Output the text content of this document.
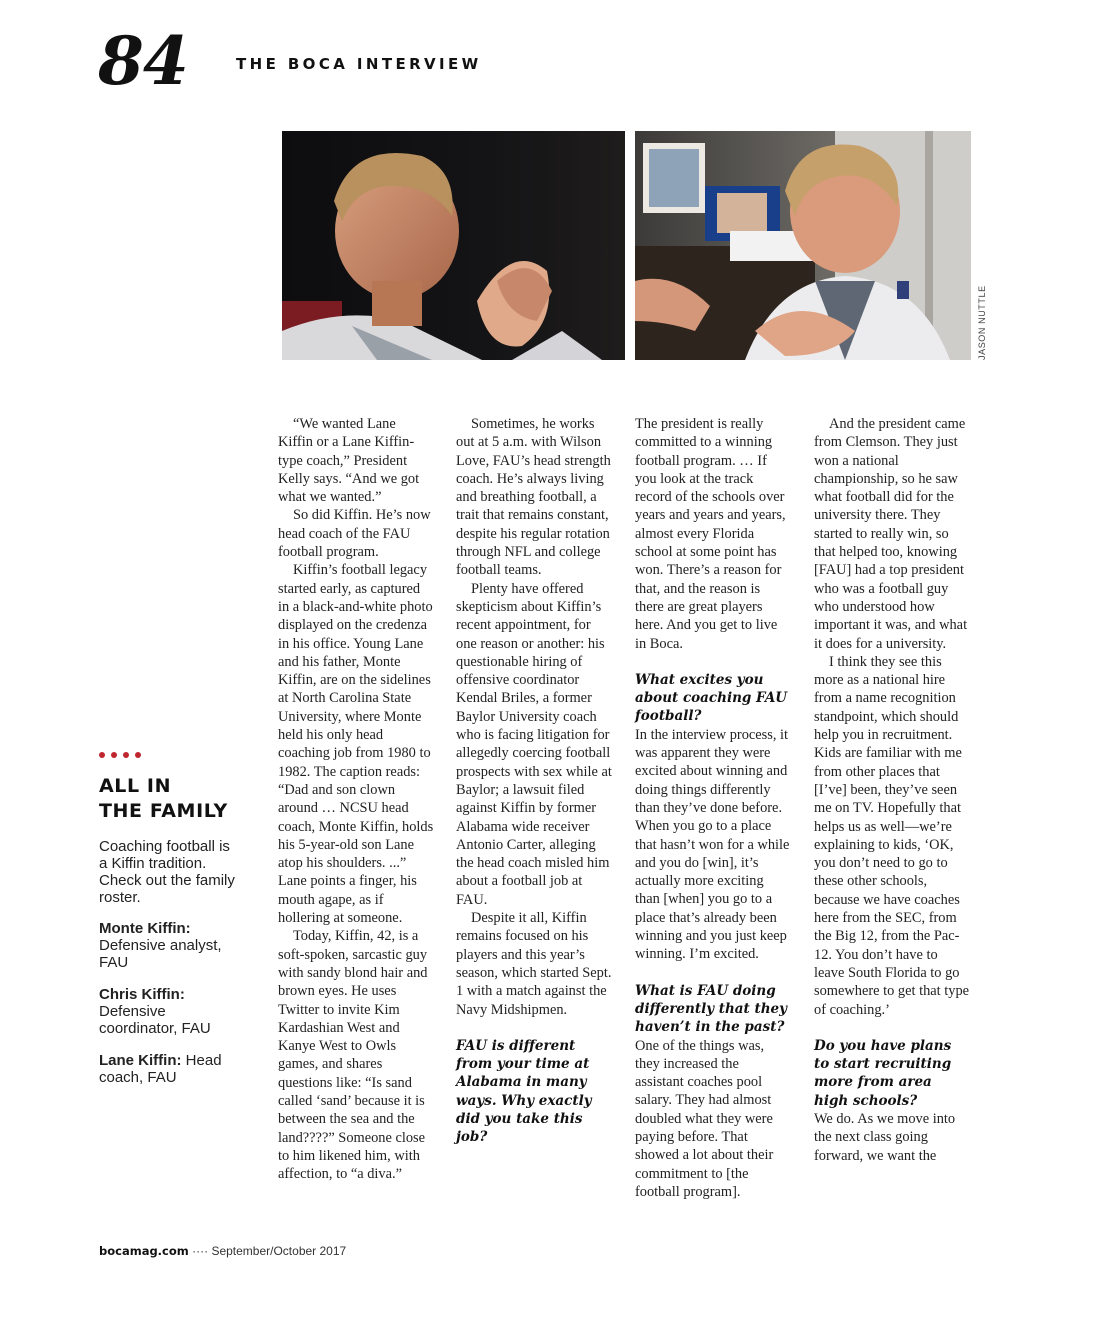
84	THE BOCA INTERVIEW
JASON NUTTLE
ALL IN
THE FAMILY
Coaching football is a Kiffin tradition. Check out the family roster.
Monte Kiffin:
Defensive analyst, FAU
Chris Kiffin:
Defensive coordinator, FAU
Lane Kiffin: Head coach, FAU

“We wanted Lane Kiffin or a Lane Kiffin-type coach,” President Kelly says. “And we got what we wanted.”

So did Kiffin. He’s now head coach of the FAU football program.

Kiffin’s football legacy started early, as captured in a black-and-white photo displayed on the credenza in his office. Young Lane and his father, Monte Kiffin, are on the sidelines at North Carolina State University, where Monte held his only head coaching job from 1980 to 1982. The caption reads: “Dad and son clown around … NCSU head coach, Monte Kiffin, holds his 5-year-old son Lane atop his shoulders. ...” Lane points a finger, his mouth agape, as if hollering at someone.

Today, Kiffin, 42, is a soft-spoken, sarcastic guy with sandy blond hair and brown eyes. He uses Twitter to invite Kim Kardashian West and Kanye West to Owls games, and shares questions like: “Is sand called ‘sand’ because it is between the sea and the land????” Someone close to him likened him, with affection, to “a diva.”

Sometimes, he works out at 5 a.m. with Wilson Love, FAU’s head strength coach. He’s always living and breathing football, a trait that remains constant, despite his regular rotation through NFL and college football teams.

Plenty have offered skepticism about Kiffin’s recent appointment, for one reason or another: his questionable hiring of offensive coordinator Kendal Briles, a former Baylor University coach who is facing litigation for allegedly coercing football prospects with sex while at Baylor; a lawsuit filed against Kiffin by former Alabama wide receiver Antonio Carter, alleging the head coach misled him about a football job at FAU.

Despite it all, Kiffin remains focused on his players and this year’s season, which started Sept. 1 with a match against the Navy Midshipmen.

FAU is different from your time at Alabama in many ways. Why exactly did you take this job?

The president is really committed to a winning football program. … If you look at the track record of the schools over years and years and years, almost every Florida school at some point has won. There’s a reason for that, and the reason is there are great players here. And you get to live in Boca.

What excites you about coaching FAU football?

In the interview process, it was apparent they were excited about winning and doing things differently than they’ve done before. When you go to a place that hasn’t won for a while and you do [win], it’s actually more exciting than [when] you go to a place that’s already been winning and you just keep winning. I’m excited.

What is FAU doing differently that they haven’t in the past?

One of the things was, they increased the assistant coaches pool salary. They had almost doubled what they were paying before. That showed a lot about their commitment to [the football program].

And the president came from Clemson. They just won a national championship, so he saw what football did for the university there. They started to really win, so that helped too, knowing [FAU] had a top president who was a football guy who understood how important it was, and what it does for a university.

I think they see this more as a national hire from a name recognition standpoint, which should help you in recruitment. Kids are familiar with me from other places that [I’ve] been, they’ve seen me on TV. Hopefully that helps us as well—we’re explaining to kids, ‘OK, you don’t need to go to these other schools, because we have coaches here from the SEC, from the Big 12, from the Pac-12. You don’t have to leave South Florida to go somewhere to get that type of coaching.’

Do you have plans to start recruiting more from area high schools?

We do. As we move into the next class going forward, we want the

bocamag.com ···· September/October 2017
